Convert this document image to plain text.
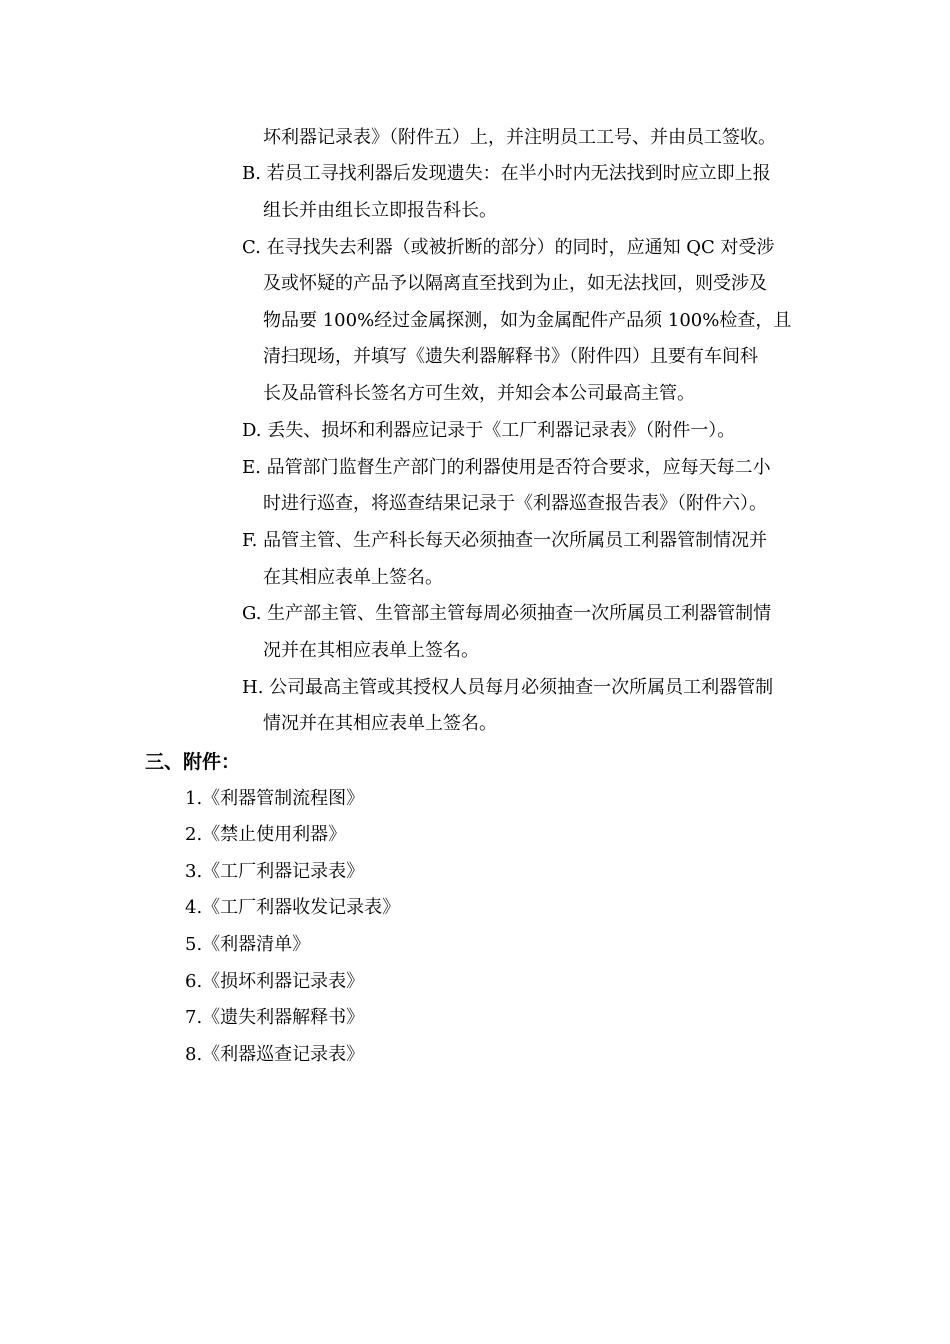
坏利器记录表》（附件五）上，并注明员工工号、并由员工签收。
B. 若员工寻找利器后发现遗失：在半小时内无法找到时应立即上报
组长并由组长立即报告科长。
C. 在寻找失去利器（或被折断的部分）的同时，应通知 QC 对受涉
及或怀疑的产品予以隔离直至找到为止，如无法找回，则受涉及
物品要 100%经过金属探测，如为金属配件产品须 100%检查，且
清扫现场，并填写《遗失利器解释书》（附件四）且要有车间科
长及品管科长签名方可生效，并知会本公司最高主管。
D. 丢失、损坏和利器应记录于《工厂利器记录表》（附件一）。
E. 品管部门监督生产部门的利器使用是否符合要求，应每天每二小
时进行巡查，将巡查结果记录于《利器巡查报告表》（附件六）。
F. 品管主管、生产科长每天必须抽查一次所属员工利器管制情况并
在其相应表单上签名。
G. 生产部主管、生管部主管每周必须抽查一次所属员工利器管制情
况并在其相应表单上签名。
H. 公司最高主管或其授权人员每月必须抽查一次所属员工利器管制
情况并在其相应表单上签名。
三、附件：
1.《利器管制流程图》
2.《禁止使用利器》
3.《工厂利器记录表》
4.《工厂利器收发记录表》
5.《利器清单》
6.《损坏利器记录表》
7.《遗失利器解释书》
8.《利器巡查记录表》
